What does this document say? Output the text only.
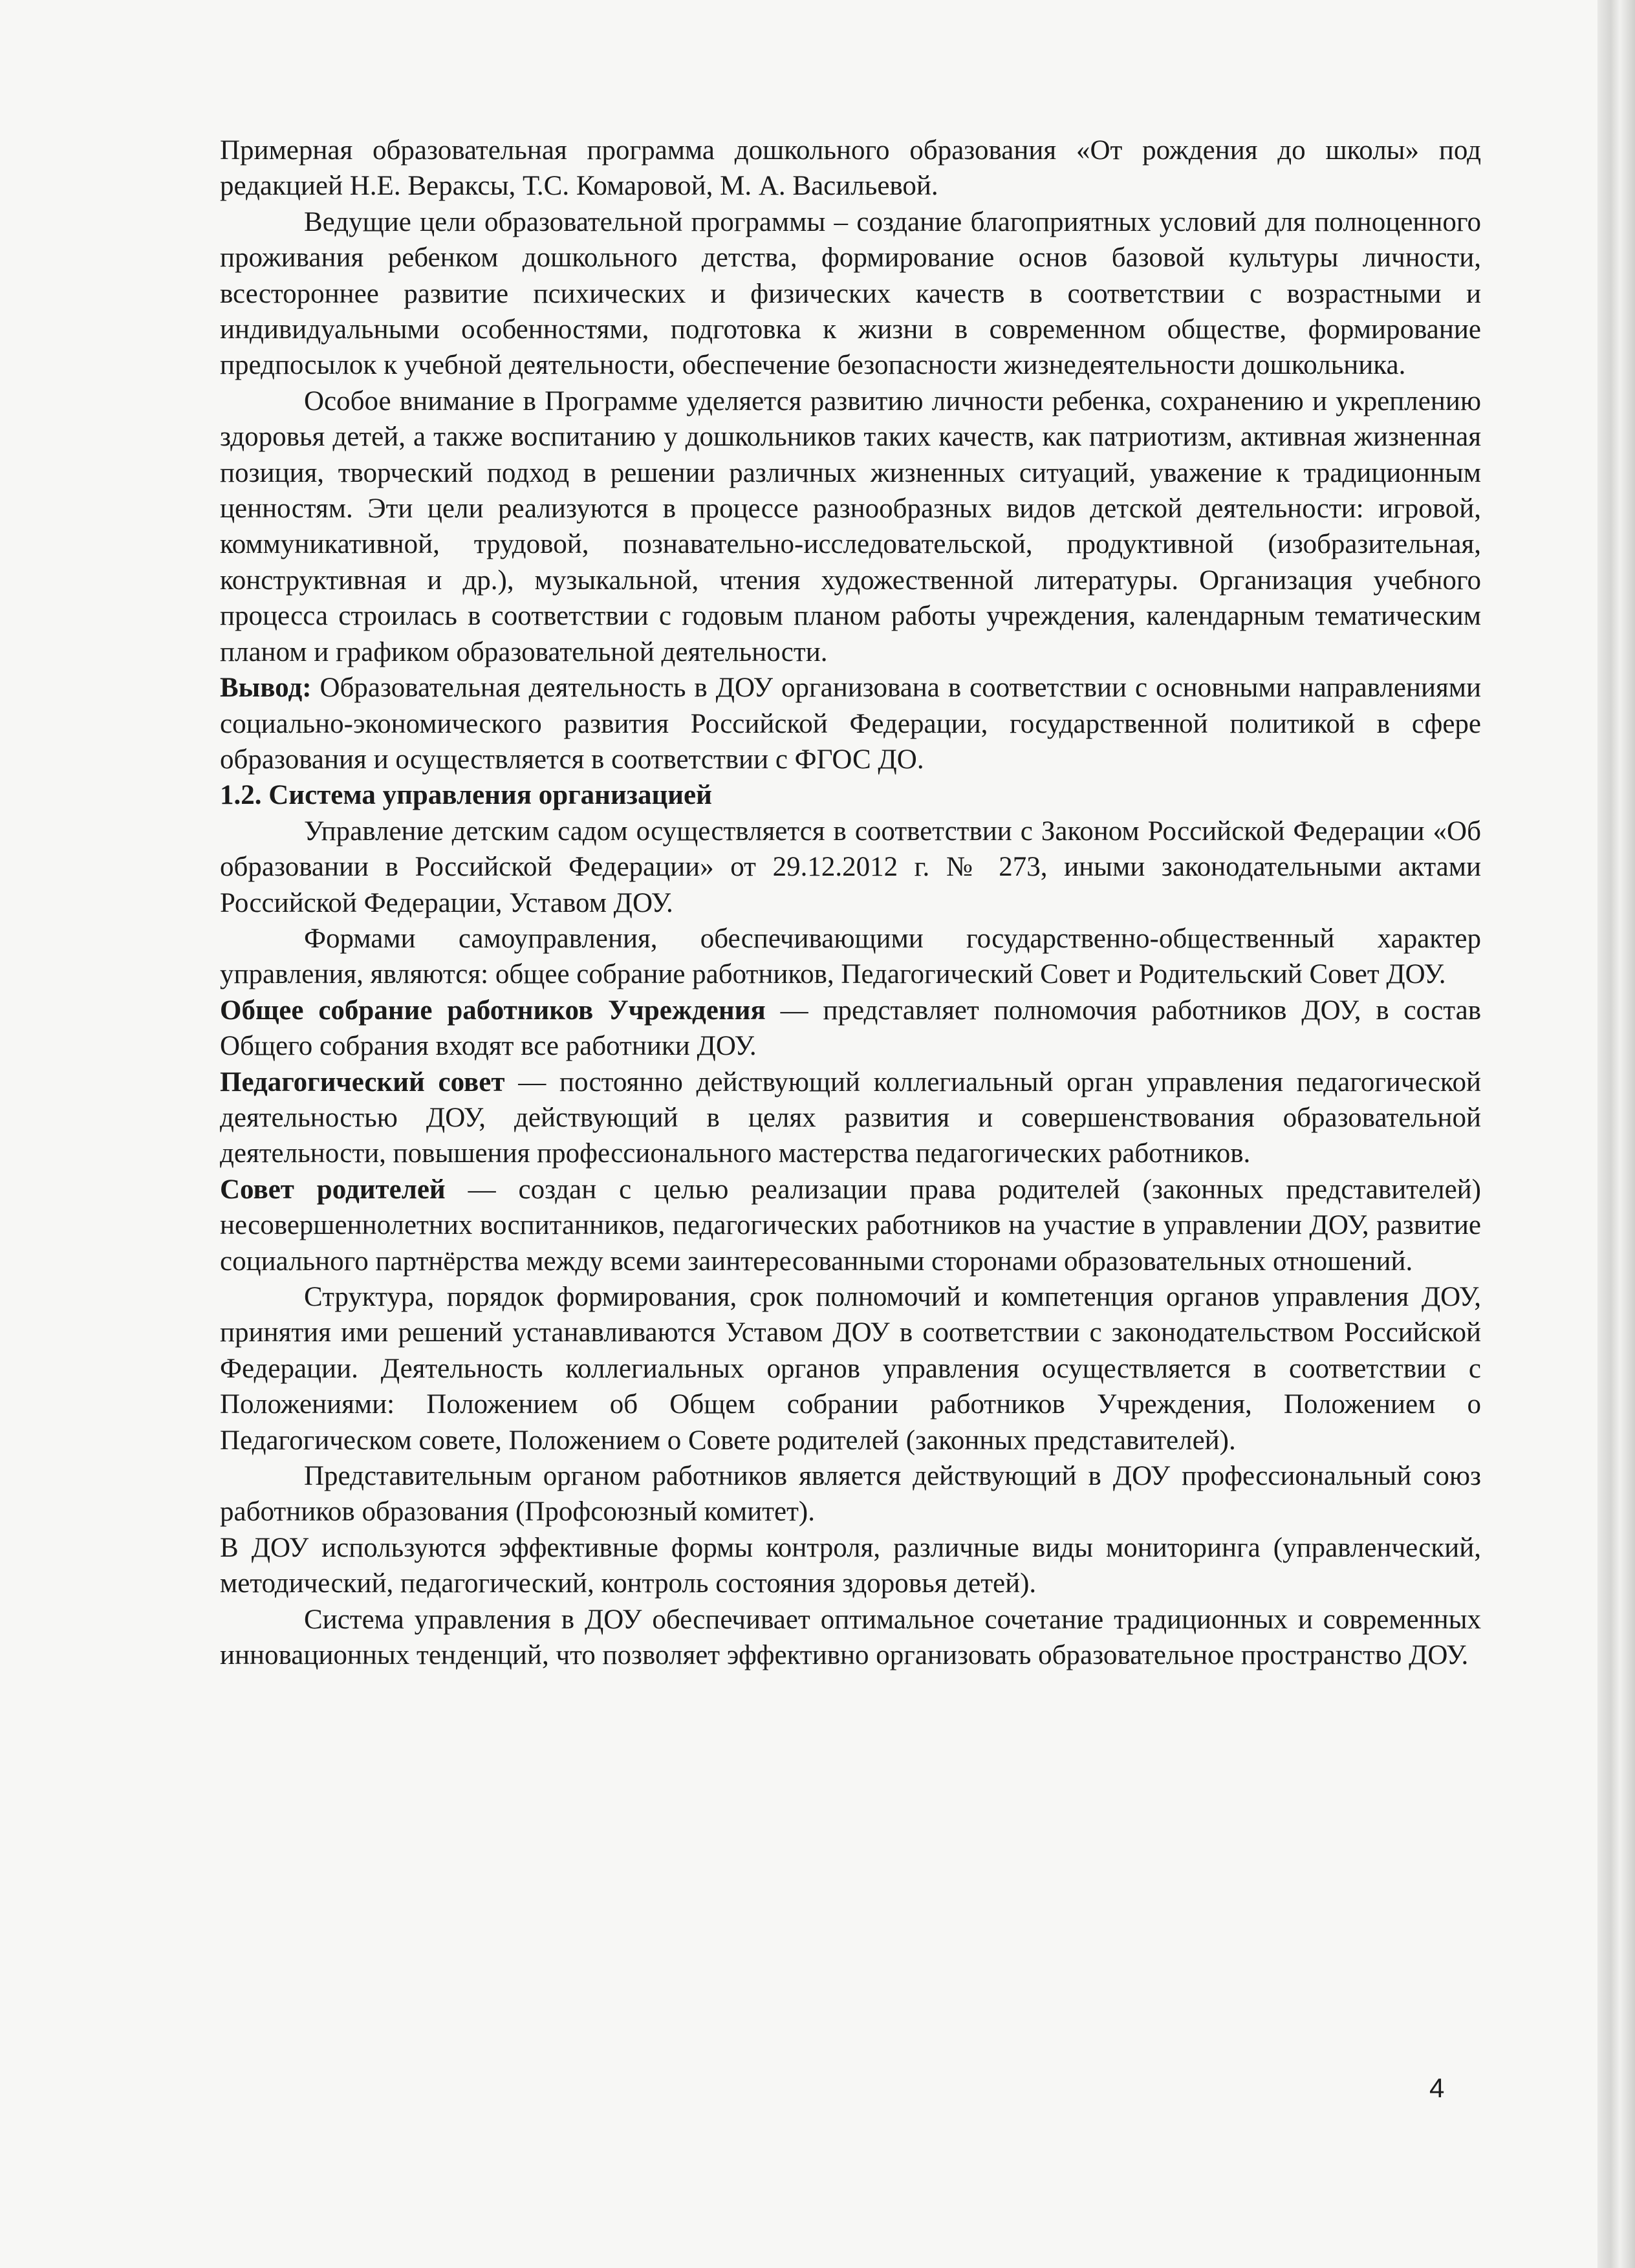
Примерная образовательная программа дошкольного образования «От рождения до школы» под редакцией Н.Е. Вераксы, Т.С. Комаровой, М. А. Васильевой.

Ведущие цели образовательной программы – создание благоприятных условий для полноценного проживания ребенком дошкольного детства, формирование основ базовой культуры личности, всестороннее развитие психических и физических качеств в соответствии с возрастными и индивидуальными особенностями, подготовка к жизни в современном обществе, формирование предпосылок к учебной деятельности, обеспечение безопасности жизнедеятельности дошкольника.

Особое внимание в Программе уделяется развитию личности ребенка, сохранению и укреплению здоровья детей, а также воспитанию у дошкольников таких качеств, как патриотизм, активная жизненная позиция, творческий подход в решении различных жизненных ситуаций, уважение к традиционным ценностям. Эти цели реализуются в процессе разнообразных видов детской деятельности: игровой, коммуникативной, трудовой, познавательно-исследовательской, продуктивной (изобразительная, конструктивная и др.), музыкальной, чтения художественной литературы. Организация учебного процесса строилась в соответствии с годовым планом работы учреждения, календарным тематическим планом и графиком образовательной деятельности.

Вывод: Образовательная деятельность в ДОУ организована в соответствии с основными направлениями социально-экономического развития Российской Федерации, государственной политикой в сфере образования и осуществляется в соответствии с ФГОС ДО.

1.2. Система управления организацией

Управление детским садом осуществляется в соответствии с Законом Российской Федерации «Об образовании в Российской Федерации» от 29.12.2012 г. № 273, иными законодательными актами Российской Федерации, Уставом ДОУ.

Формами самоуправления, обеспечивающими государственно-общественный характер управления, являются: общее собрание работников, Педагогический Совет и Родительский Совет ДОУ.

Общее собрание работников Учреждения — представляет полномочия работников ДОУ, в состав Общего собрания входят все работники ДОУ.

Педагогический совет — постоянно действующий коллегиальный орган управления педагогической деятельностью ДОУ, действующий в целях развития и совершенствования образовательной деятельности, повышения профессионального мастерства педагогических работников.

Совет родителей — создан с целью реализации права родителей (законных представителей) несовершеннолетних воспитанников, педагогических работников на участие в управлении ДОУ, развитие социального партнёрства между всеми заинтересованными сторонами образовательных отношений.

Структура, порядок формирования, срок полномочий и компетенция органов управления ДОУ, принятия ими решений устанавливаются Уставом ДОУ в соответствии с законодательством Российской Федерации. Деятельность коллегиальных органов управления осуществляется в соответствии с Положениями: Положением об Общем собрании работников Учреждения, Положением о Педагогическом совете, Положением о Совете родителей (законных представителей).

Представительным органом работников является действующий в ДОУ профессиональный союз работников образования (Профсоюзный комитет).

В ДОУ используются эффективные формы контроля, различные виды мониторинга (управленческий, методический, педагогический, контроль состояния здоровья детей).

Система управления в ДОУ обеспечивает оптимальное сочетание традиционных и современных инновационных тенденций, что позволяет эффективно организовать образовательное пространство ДОУ.

4
